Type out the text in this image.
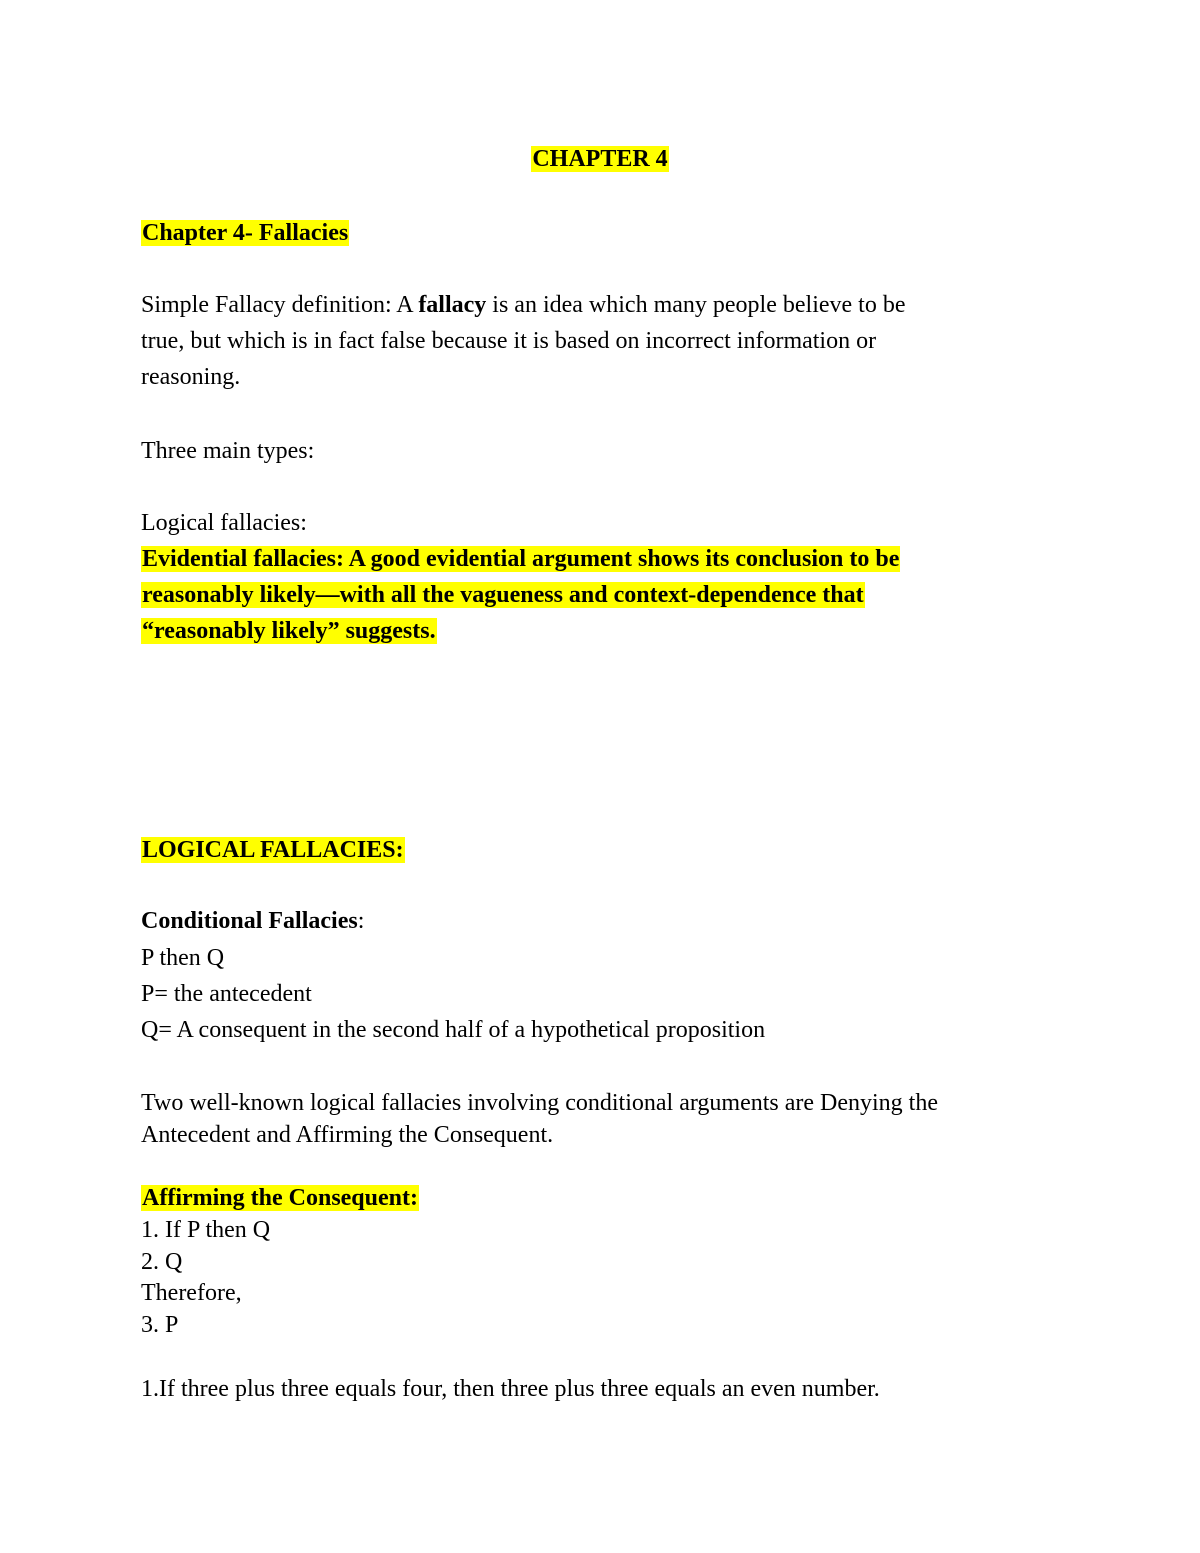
CHAPTER 4
Chapter 4- Fallacies
Simple Fallacy definition: A fallacy is an idea which many people believe to be
true, but which is in fact false because it is based on incorrect information or
reasoning.
Three main types:
Logical fallacies:
Evidential fallacies: A good evidential argument shows its conclusion to be
reasonably likely—with all the vagueness and context-dependence that
“reasonably likely” suggests.
LOGICAL FALLACIES:
Conditional Fallacies:
P then Q
P= the antecedent
Q= A consequent in the second half of a hypothetical proposition
Two well-known logical fallacies involving conditional arguments are Denying the
Antecedent and Affirming the Consequent.
Affirming the Consequent:
1. If P then Q
2. Q
Therefore,
3. P
1.If three plus three equals four, then three plus three equals an even number.
